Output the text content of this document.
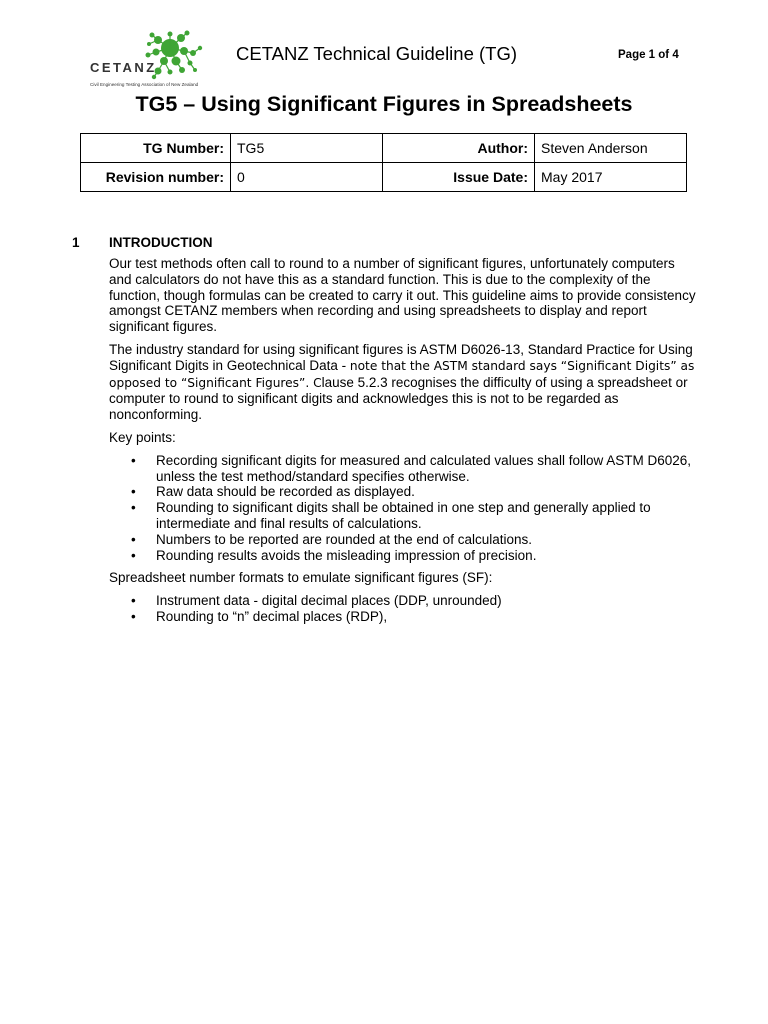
CETANZ
Civil Engineering Testing Association of New Zealand
CETANZ Technical Guideline (TG)	Page 1 of 4
TG5 – Using Significant Figures in Spreadsheets
TG Number:	TG5	Author:	Steven Anderson
Revision number:	0	Issue Date:	May 2017
1 INTRODUCTION

Our test methods often call to round to a number of significant figures, unfortunately computers and calculators do not have this as a standard function. This is due to the complexity of the function, though formulas can be created to carry it out. This guideline aims to provide consistency amongst CETANZ members when recording and using spreadsheets to display and report significant figures.

The industry standard for using significant figures is ASTM D6026-13, Standard Practice for Using Significant Digits in Geotechnical Data - note that the ASTM standard says “Significant Digits” as opposed to “Significant Figures”. Clause 5.2.3 recognises the difficulty of using a spreadsheet or computer to round to significant digits and acknowledges this is not to be regarded as nonconforming.

Key points:

• Recording significant digits for measured and calculated values shall follow ASTM D6026, unless the test method/standard specifies otherwise.
• Raw data should be recorded as displayed.
• Rounding to significant digits shall be obtained in one step and generally applied to intermediate and final results of calculations.
• Numbers to be reported are rounded at the end of calculations.
• Rounding results avoids the misleading impression of precision.

Spreadsheet number formats to emulate significant figures (SF):

• Instrument data - digital decimal places (DDP, unrounded)
• Rounding to “n” decimal places (RDP),
